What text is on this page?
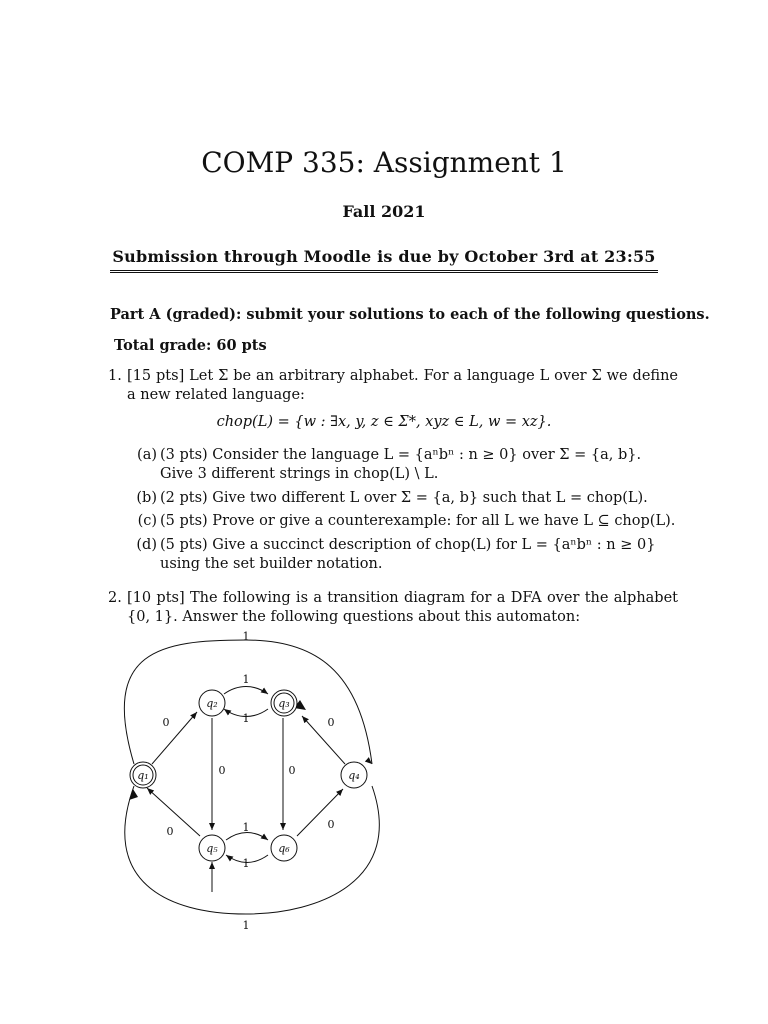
COMP 335: Assignment 1
Fall 2021
Submission through Moodle is due by October 3rd at 23:55
Part A (graded): submit your solutions to each of the following questions.
Total grade: 60 pts
1. [15 pts] Let Σ be an arbitrary alphabet. For a language L over Σ we define a new related language:
chop(L) = {w : ∃x, y, z ∈ Σ*, xyz ∈ L, w = xz}.
(a) (3 pts) Consider the language L = {aⁿbⁿ : n ≥ 0} over Σ = {a, b}. Give 3 different strings in chop(L) \ L.
(b) (2 pts) Give two different L over Σ = {a, b} such that L = chop(L).
(c) (5 pts) Prove or give a counterexample: for all L we have L ⊆ chop(L).
(d) (5 pts) Give a succinct description of chop(L) for L = {aⁿbⁿ : n ≥ 0} using the set builder notation.
2. [10 pts] The following is a transition diagram for a DFA over the alphabet {0, 1}. Answer the following questions about this automaton:
q₁
q₂	q₃
q₄
q₅	q₆
1
1
1
0	0
0	0
0
0
1
1
1
